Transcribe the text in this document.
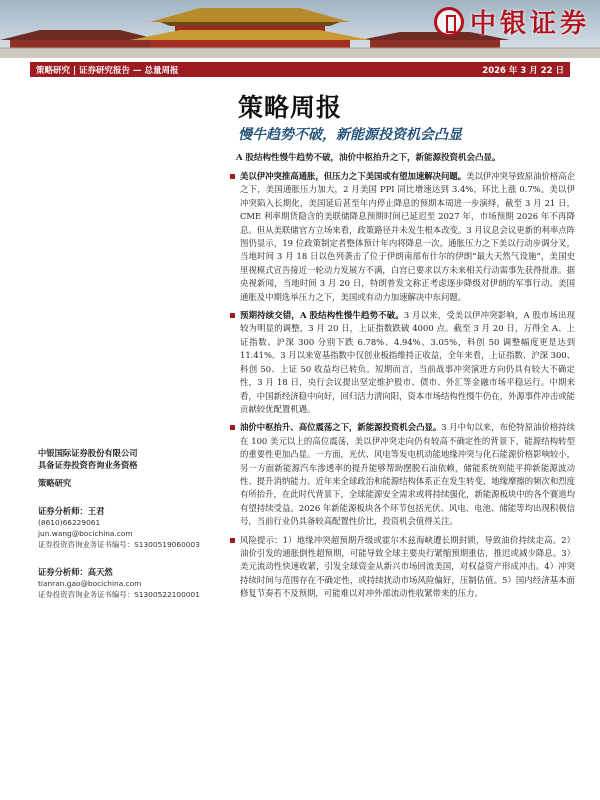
中银证券
策略研究 | 证券研究报告 — 总量周报	2026 年 3 月 22 日
策略周报
慢牛趋势不破，新能源投资机会凸显
A 股结构性慢牛趋势不破，油价中枢抬升之下，新能源投资机会凸显。

美以伊冲突推高通胀，但压力之下美国或有望加速解决问题。美以伊冲突导致原油价格高企之下，美国通胀压力加大，2 月美国 PPI 同比增速达到 3.4%，环比上涨 0.7%。美以伊冲突陷入长期化，美国延后甚至年内停止降息的预期本周进一步演绎，截至 3 月 21 日，CME 利率期货隐含的美联储降息预期时间已延迟至 2027 年，市场预期 2026 年不再降息。但从美联储官方立场来看，政策路径并未发生根本改变。3 月议息会议更新的利率点阵图仍显示，19 位政策制定者整体预计年内将降息一次。通胀压力之下美以行动步调分叉，当地时间 3 月 18 日以色列袭击了位于伊朗南部布什尔的伊朗“最大天然气设施”，美国史里视模式宣告接近一轮动力发展方不满，白宫已要求以方未来相关行动需事先获得批准。据央视新闻，当地时间 3 月 20 日，特朗普发文称正考虑逐步降级对伊朗的军事行动。美国通胀及中期选举压力之下，美国或有动力加速解决中东问题。

预期持续交错，A 股结构性慢牛趋势不破。3 月以来，受美以伊冲突影响，A 股市场出现较为明显的调整，3 月 20 日，上证指数跌破 4000 点。截至 3 月 20 日，万得全 A、上证指数、沪深 300 分别下跌 6.78%、4.94%、3.05%，科创 50 调整幅度更是达到 11.41%。3 月以来宽基指数中仅创业板指维持正收益，全年来看，上证指数、沪深 300、科创 50、上证 50 收益均已转负。短期而言，当前战事冲突演进方向仍具有较大不确定性，3 月 18 日，央行会议提出坚定维护股市、债市、外汇等金融市场平稳运行。中期来看，中国新经济稳中向好，回归活力清向阳，资本市场结构性慢牛仍在，外源事件冲击或能贡献较优配置机遇。

油价中枢抬升、高位震荡之下，新能源投资机会凸显。3 月中旬以来，布伦特原油价格持续在 100 美元以上的高位震荡，美以伊冲突走向仍有较高不确定性的背景下，能源结构转型的重要性更加凸显。一方面，光伏、风电等发电机动能地缘冲突与化石能源价格影响较小，另一方面新能源汽车渗透率的提升能够帮助摆脱石油依赖，储能系统则能平抑新能源波动性、提升消纳能力。近年来全球政治和能源结构体系正在发生转变，地缘摩擦的频次和烈度有所抬升，在此时代背景下，全球能源安全需求或将持续强化，新能源板块中的各个赛道均有望持续受益。2026 年新能源板块各个环节包括光伏、风电、电池、储能等均出现积极信号，当前行业仍具备较高配置性价比，投资机会值得关注。

风险提示：1）地缘冲突超预期升级或霍尔木兹海峡遭长期封锁，导致油价持续走高。2）油价引发的通胀倒性超预期，可能导致全球主要央行紧缩预期重估，推迟或减少降息。3）美元流动性快速收紧，引发全球资金从新兴市场回流美国，对权益资产形成冲击。4）冲突持续时间与范围存在不确定性，或持续扰动市场风险偏好，压制估值。5）国内经济基本面修复节奏若不及预期，可能难以对冲外部流动性收紧带来的压力。

中银国际证券股份有限公司
具备证券投资咨询业务资格
策略研究
证券分析师：王君
(8610)66229061
jun.wang@bocichina.com
证券投资咨询业务证书编号：S1300519060003
证券分析师：高天然
tianran.gao@bocichina.com
证券投资咨询业务证书编号：S1300522100001
